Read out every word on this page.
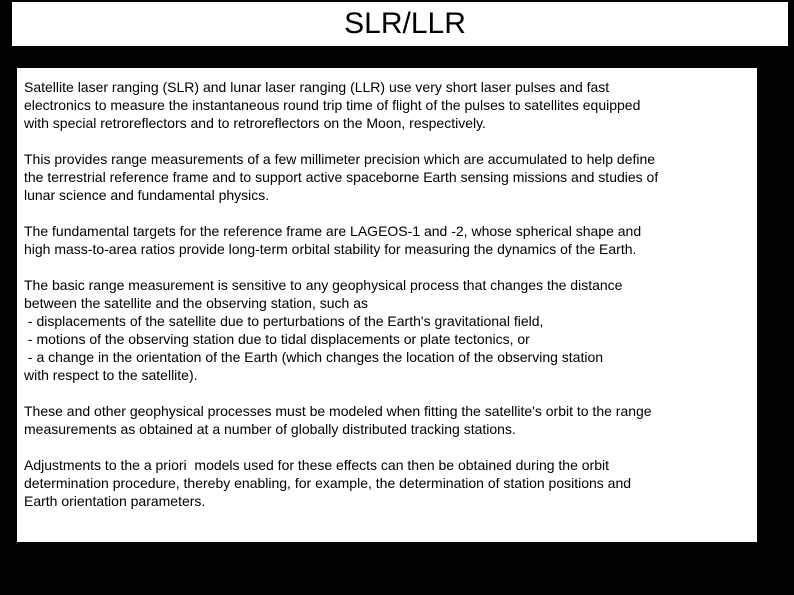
SLR/LLR
Satellite laser ranging (SLR) and lunar laser ranging (LLR) use very short laser pulses and fast
electronics to measure the instantaneous round trip time of flight of the pulses to satellites equipped
with special retroreflectors and to retroreflectors on the Moon, respectively.
This provides range measurements of a few millimeter precision which are accumulated to help define
the terrestrial reference frame and to support active spaceborne Earth sensing missions and studies of
lunar science and fundamental physics.
The fundamental targets for the reference frame are LAGEOS-1 and -2, whose spherical shape and
high mass-to-area ratios provide long-term orbital stability for measuring the dynamics of the Earth.
The basic range measurement is sensitive to any geophysical process that changes the distance
between the satellite and the observing station, such as
- displacements of the satellite due to perturbations of the Earth's gravitational field,
- motions of the observing station due to tidal displacements or plate tectonics, or
- a change in the orientation of the Earth (which changes the location of the observing station
with respect to the satellite).
These and other geophysical processes must be modeled when fitting the satellite's orbit to the range
measurements as obtained at a number of globally distributed tracking stations.
Adjustments to the a priori  models used for these effects can then be obtained during the orbit
determination procedure, thereby enabling, for example, the determination of station positions and
Earth orientation parameters.
